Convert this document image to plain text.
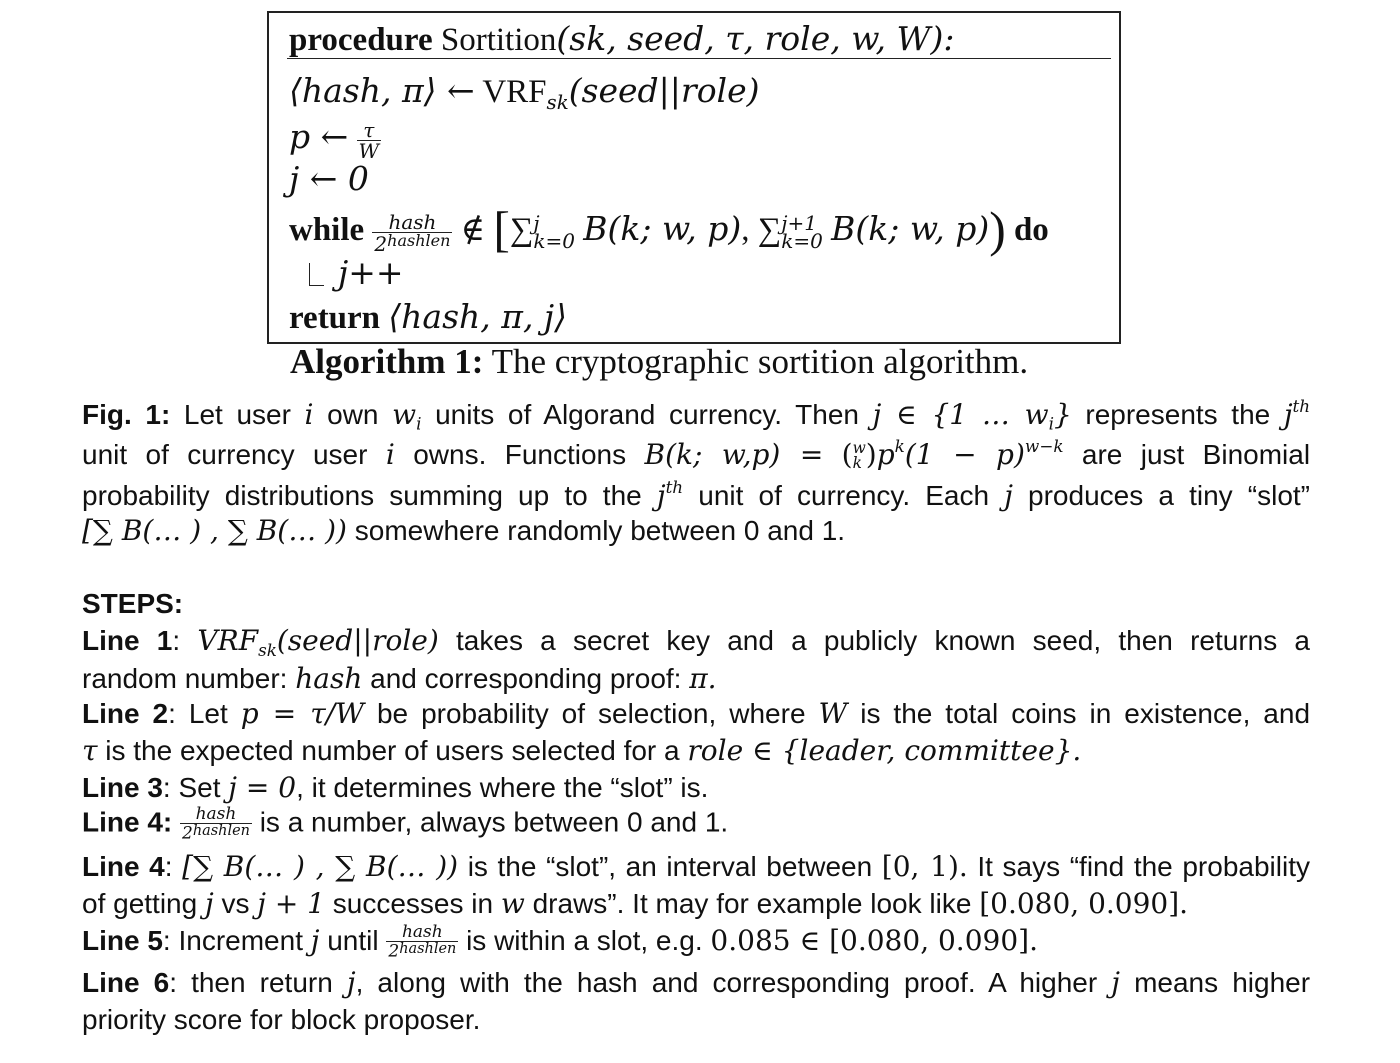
procedure Sortition(sk, seed, τ, role, w, W):
⟨hash, π⟩ ← $VRF_{sk}(seed||role)$
p ← $\frac{\tau}{W}$
j ← 0
while $\frac{\text{hash}}{2^{hashlen}}$ ∉ [∑ j
k=0 B(k; w, p), ∑ j+1
k=0 B(k; w, p)) do
j++
return ⟨hash, π, j⟩
Algorithm 1: The cryptographic sortition algorithm.
Fig. 1: Let user i own $w_i$ units of Algorand currency. Then j ∈ {1 … $w_i$} represents the $j^{th}$
unit of currency user i owns. Functions B(k; w,p) = ( w
k )$p^k(1 - p)^{w-k}$ are just Binomial
probability distributions summing up to the $j^{th}$ unit of currency. Each j produces a tiny “slot”
[∑ B(… ) , ∑ B(… )) somewhere randomly between 0 and 1.
STEPS:
Line 1: $VRF_{sk}(seed||role)$ takes a secret key and a publicly known seed, then returns a
random number: hash and corresponding proof: π.
Line 2: Let p = τ/W be probability of selection, where W is the total coins in existence, and
τ is the expected number of users selected for a role ∈ {leader, committee}.
Line 3: Set j = 0, it determines where the “slot” is.
Line 4: $\frac{\text{hash}}{2^{hashlen}}$ is a number, always between 0 and 1.
Line 4: [∑ B(… ) , ∑ B(… )) is the “slot”, an interval between [0, 1). It says “find the probability
of getting j vs j + 1 successes in w draws”. It may for example look like [0.080, 0.090].
Line 5: Increment j until $\frac{\text{hash}}{2^{hashlen}}$ is within a slot, e.g. 0.085 ∈ [0.080, 0.090].
Line 6: then return j, along with the hash and corresponding proof. A higher j means higher
priority score for block proposer.
